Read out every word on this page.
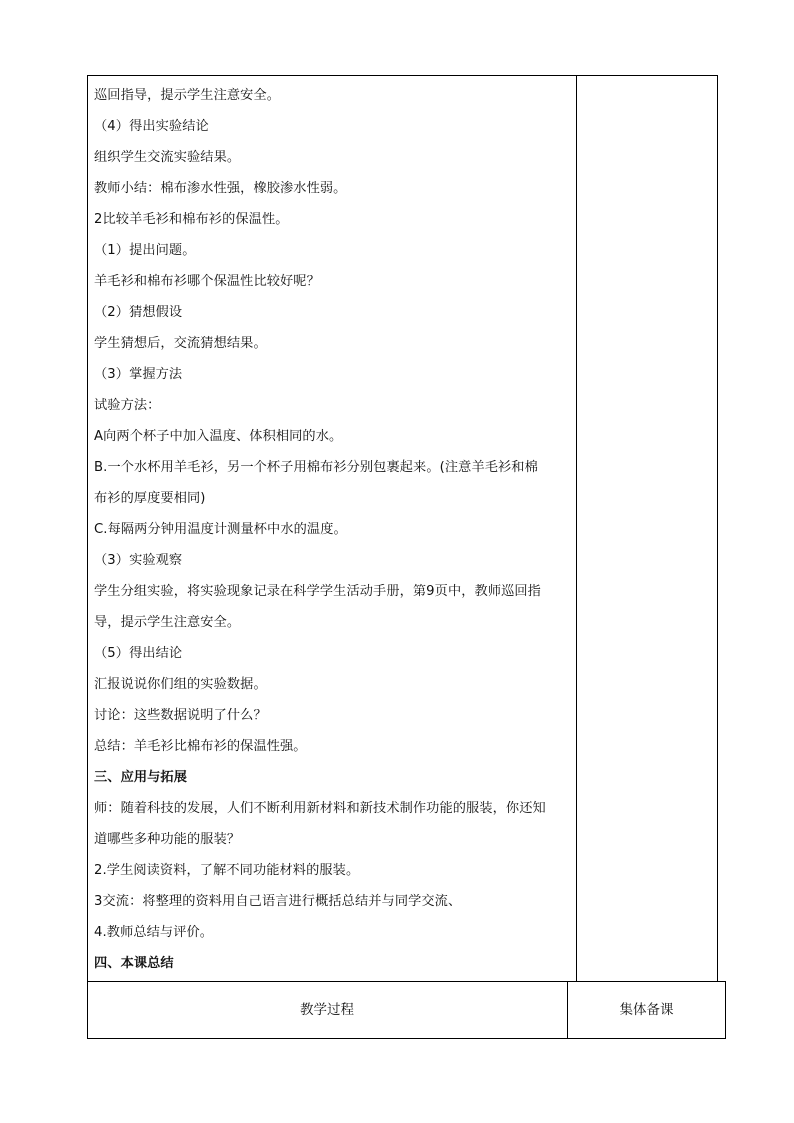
巡回指导，提示学生注意安全。
（4）得出实验结论
组织学生交流实验结果。
教师小结：棉布渗水性强，橡胶渗水性弱。
2比较羊毛衫和棉布衫的保温性。
（1）提出问题。
羊毛衫和棉布衫哪个保温性比较好呢？
（2）猜想假设
学生猜想后，交流猜想结果。
（3）掌握方法
试验方法：
A向两个杯子中加入温度、体积相同的水。
B.一个水杯用羊毛衫，另一个杯子用棉布衫分别包裹起来。(注意羊毛衫和棉
布衫的厚度要相同)
C.每隔两分钟用温度计测量杯中水的温度。
（3）实验观察
学生分组实验，将实验现象记录在科学学生活动手册，第9页中，教师巡回指
导，提示学生注意安全。
（5）得出结论
汇报说说你们组的实验数据。
讨论：这些数据说明了什么？
总结：羊毛衫比棉布衫的保温性强。
三、应用与拓展
师：随着科技的发展，人们不断利用新材料和新技术制作功能的服装，你还知
道哪些多种功能的服装？
2.学生阅读资料，了解不同功能材料的服装。
3交流：将整理的资料用自己语言进行概括总结并与同学交流、
4.教师总结与评价。
四、本课总结
教学过程	集体备课
